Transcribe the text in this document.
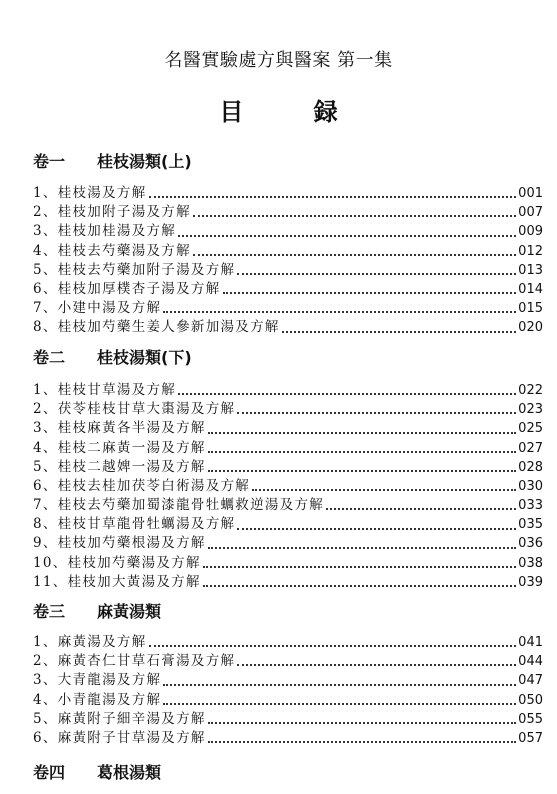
名醫實驗處方與醫案 第一集
目 録
卷一 桂枝湯類(上)
1、桂枝湯及方解	001
2、桂枝加附子湯及方解	007
3、桂枝加桂湯及方解	009
4、桂枝去芍藥湯及方解	012
5、桂枝去芍藥加附子湯及方解	013
6、桂枝加厚樸杏子湯及方解	014
7、小建中湯及方解	015
8、桂枝加芍藥生姜人參新加湯及方解	020
卷二 桂枝湯類(下)
1、桂枝甘草湯及方解	022
2、茯苓桂枝甘草大棗湯及方解	023
3、桂枝麻黃各半湯及方解	025
4、桂枝二麻黃一湯及方解	027
5、桂枝二越婢一湯及方解	028
6、桂枝去桂加茯苓白術湯及方解	030
7、桂枝去芍藥加蜀漆龍骨牡蠣救逆湯及方解	033
8、桂枝甘草龍骨牡蠣湯及方解	035
9、桂枝加芍藥根湯及方解	036
10、桂枝加芍藥湯及方解	038
11、桂枝加大黃湯及方解	039
卷三 麻黃湯類
1、麻黃湯及方解	041
2、麻黃杏仁甘草石膏湯及方解	044
3、大青龍湯及方解	047
4、小青龍湯及方解	050
5、麻黃附子細辛湯及方解	055
6、麻黃附子甘草湯及方解	057
卷四 葛根湯類
